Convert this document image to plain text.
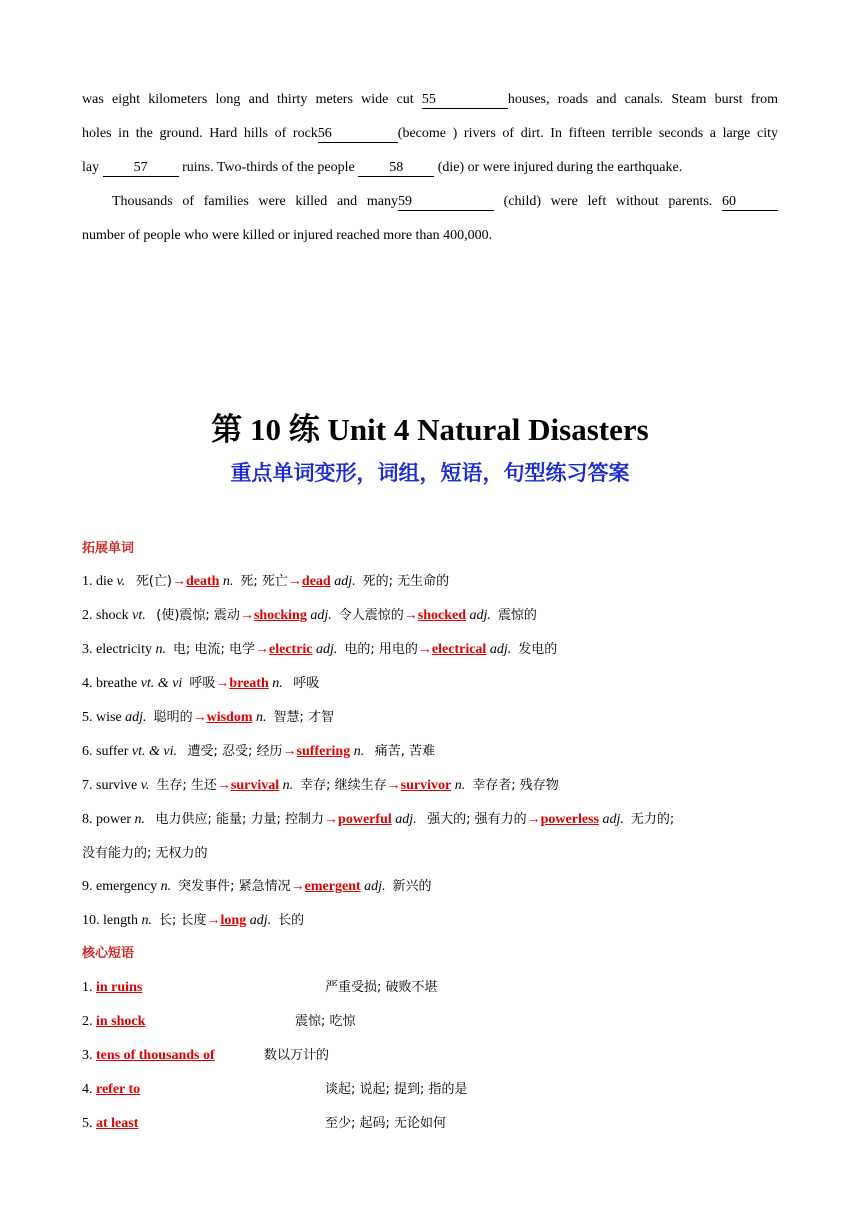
was eight kilometers long and thirty meters wide cut 55	houses, roads and canals. Steam burst from
holes in the ground. Hard hills of rock56	(become ) rivers of dirt. In fifteen terrible seconds a large city
lay 57 ruins. Two-thirds of the people 58 (die) or were injured during the earthquake.
Thousands of families were killed and many59	(child) were left without parents. 60
number of people who were killed or injured reached more than 400,000.
第 10 练 Unit 4 Natural Disasters
重点单词变形，词组，短语，句型练习答案
拓展单词
1. die v. 死(亡)→death n. 死; 死亡→dead adj. 死的; 无生命的
2. shock vt. (使)震惊; 震动→shocking adj. 令人震惊的→shocked adj. 震惊的
3. electricity n. 电; 电流; 电学→electric adj. 电的; 用电的→electrical adj. 发电的
4. breathe vt. & vi 呼吸→breath n. 呼吸
5. wise adj. 聪明的→wisdom n. 智慧; 才智
6. suffer vt. & vi. 遭受; 忍受; 经历→suffering n. 痛苦, 苦难
7. survive v. 生存; 生还→survival n. 幸存; 继续生存→survivor n. 幸存者; 残存物
8. power n. 电力供应; 能量; 力量; 控制力→powerful adj. 强大的; 强有力的→powerless adj. 无力的;
没有能力的; 无权力的
9. emergency n. 突发事件; 紧急情况→emergent adj. 新兴的
10. length n. 长; 长度→long adj. 长的
核心短语
1. in ruins	严重受损; 破败不堪
2. in shock	震惊; 吃惊
3. tens of thousands of	数以万计的
4. refer to	谈起; 说起; 提到; 指的是
5. at least	至少; 起码; 无论如何
